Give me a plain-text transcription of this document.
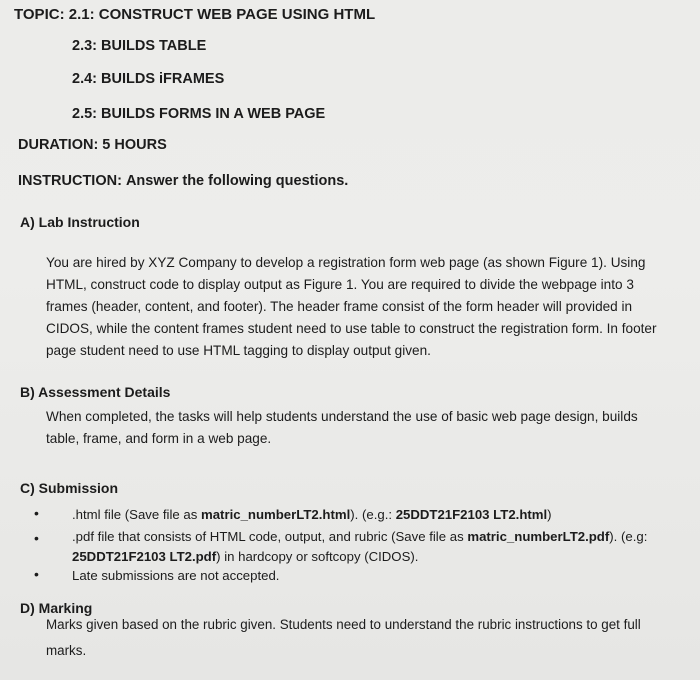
TOPIC: 2.1: CONSTRUCT WEB PAGE USING HTML
2.3: BUILDS TABLE
2.4: BUILDS iFRAMES
2.5: BUILDS FORMS IN A WEB PAGE
DURATION: 5 HOURS
INSTRUCTION: Answer the following questions.
A) Lab Instruction
You are hired by XYZ Company to develop a registration form web page (as shown Figure 1). Using
HTML, construct code to display output as Figure 1. You are required to divide the webpage into 3
frames (header, content, and footer). The header frame consist of the form header will provided in
CIDOS, while the content frames student need to use table to construct the registration form. In footer
page student need to use HTML tagging to display output given.
B) Assessment Details
When completed, the tasks will help students understand the use of basic web page design, builds
table, frame, and form in a web page.
C) Submission
•	.html file (Save file as matric_numberLT2.html). (e.g.: 25DDT21F2103 LT2.html)
•	.pdf file that consists of HTML code, output, and rubric (Save file as matric_numberLT2.pdf). (e.g:
25DDT21F2103 LT2.pdf) in hardcopy or softcopy (CIDOS).
•	Late submissions are not accepted.
D) Marking
Marks given based on the rubric given. Students need to understand the rubric instructions to get full
marks.
